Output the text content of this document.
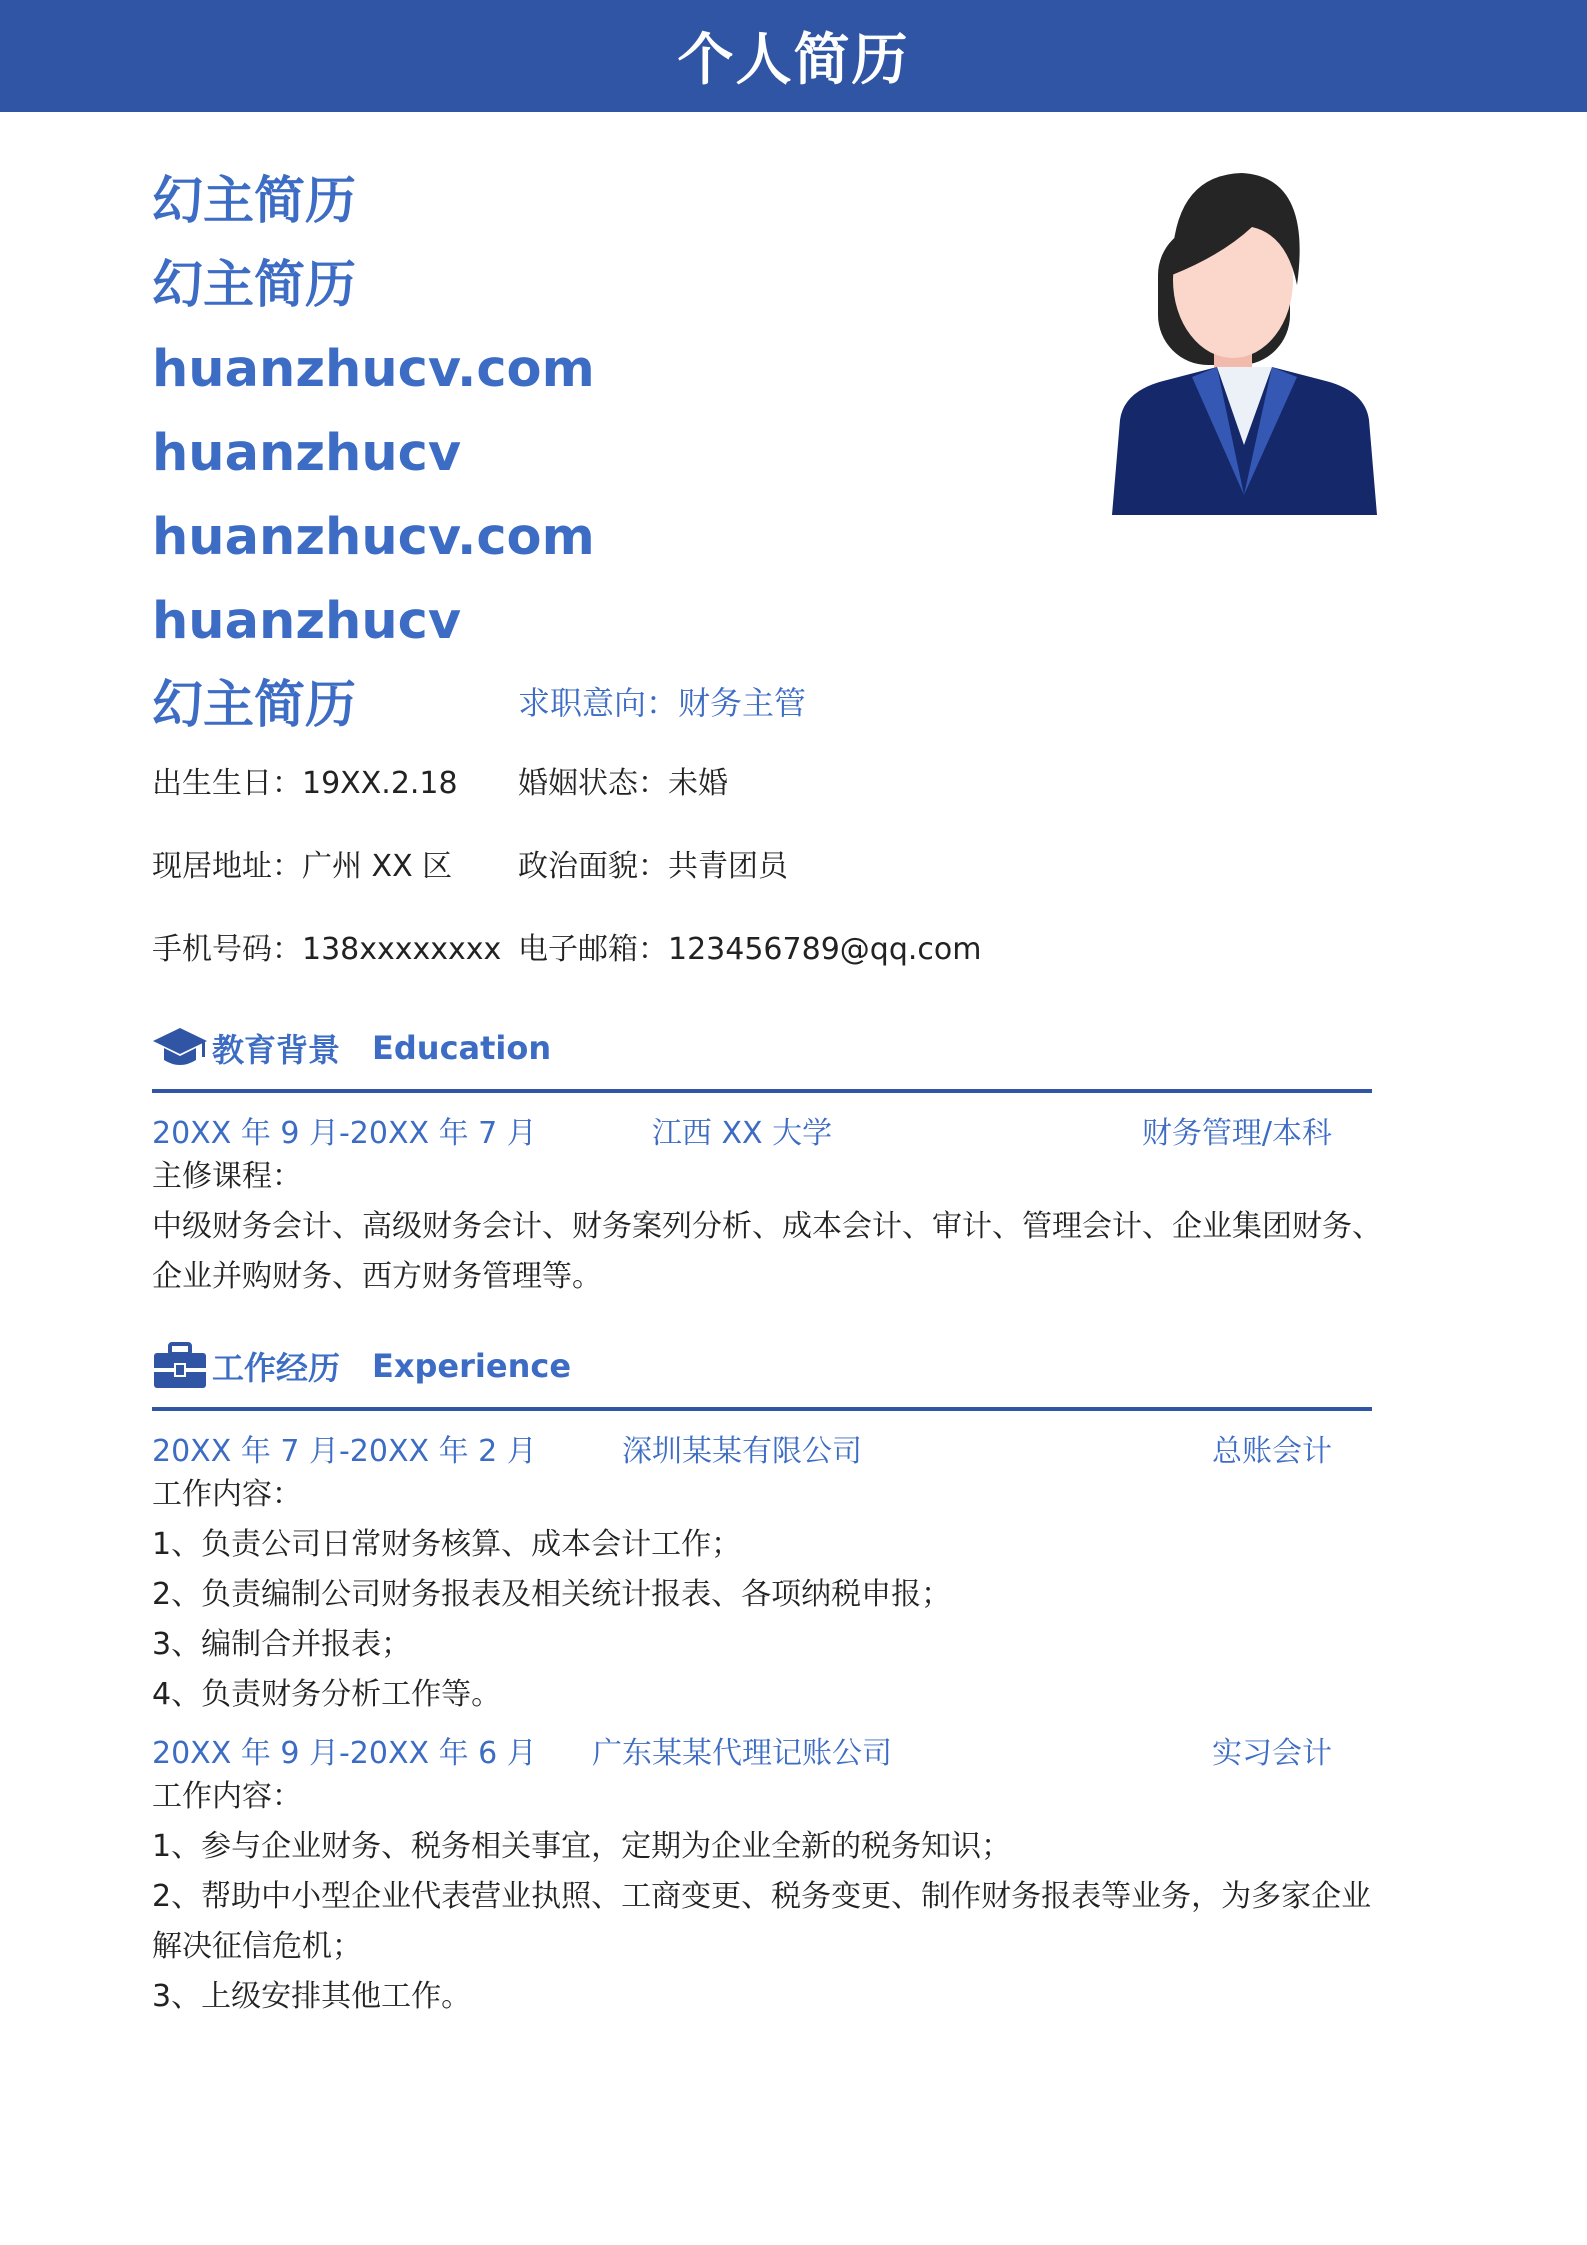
个人简历
幻主简历
幻主简历
huanzhucv.com
huanzhucv
huanzhucv.com
huanzhucv
幻主简历	求职意向：财务主管
出生生日：19XX.2.18 婚姻状态：未婚
现居地址：广州 XX 区 政治面貌：共青团员
手机号码：138xxxxxxxx 电子邮箱：123456789@qq.com
教育背景 Education
20XX 年 9 月-20XX 年 7 月	江西 XX 大学	财务管理/本科
主修课程：
中级财务会计、高级财务会计、财务案列分析、成本会计、审计、管理会计、企业集团财务、
企业并购财务、西方财务管理等。
工作经历 Experience
20XX 年 7 月-20XX 年 2 月	深圳某某有限公司	总账会计
工作内容：
1、负责公司日常财务核算、成本会计工作；
2、负责编制公司财务报表及相关统计报表、各项纳税申报；
3、编制合并报表；
4、负责财务分析工作等。
20XX 年 9 月-20XX 年 6 月	广东某某代理记账公司	实习会计
工作内容：
1、参与企业财务、税务相关事宜，定期为企业全新的税务知识；
2、帮助中小型企业代表营业执照、工商变更、税务变更、制作财务报表等业务，为多家企业
解决征信危机；
3、上级安排其他工作。
